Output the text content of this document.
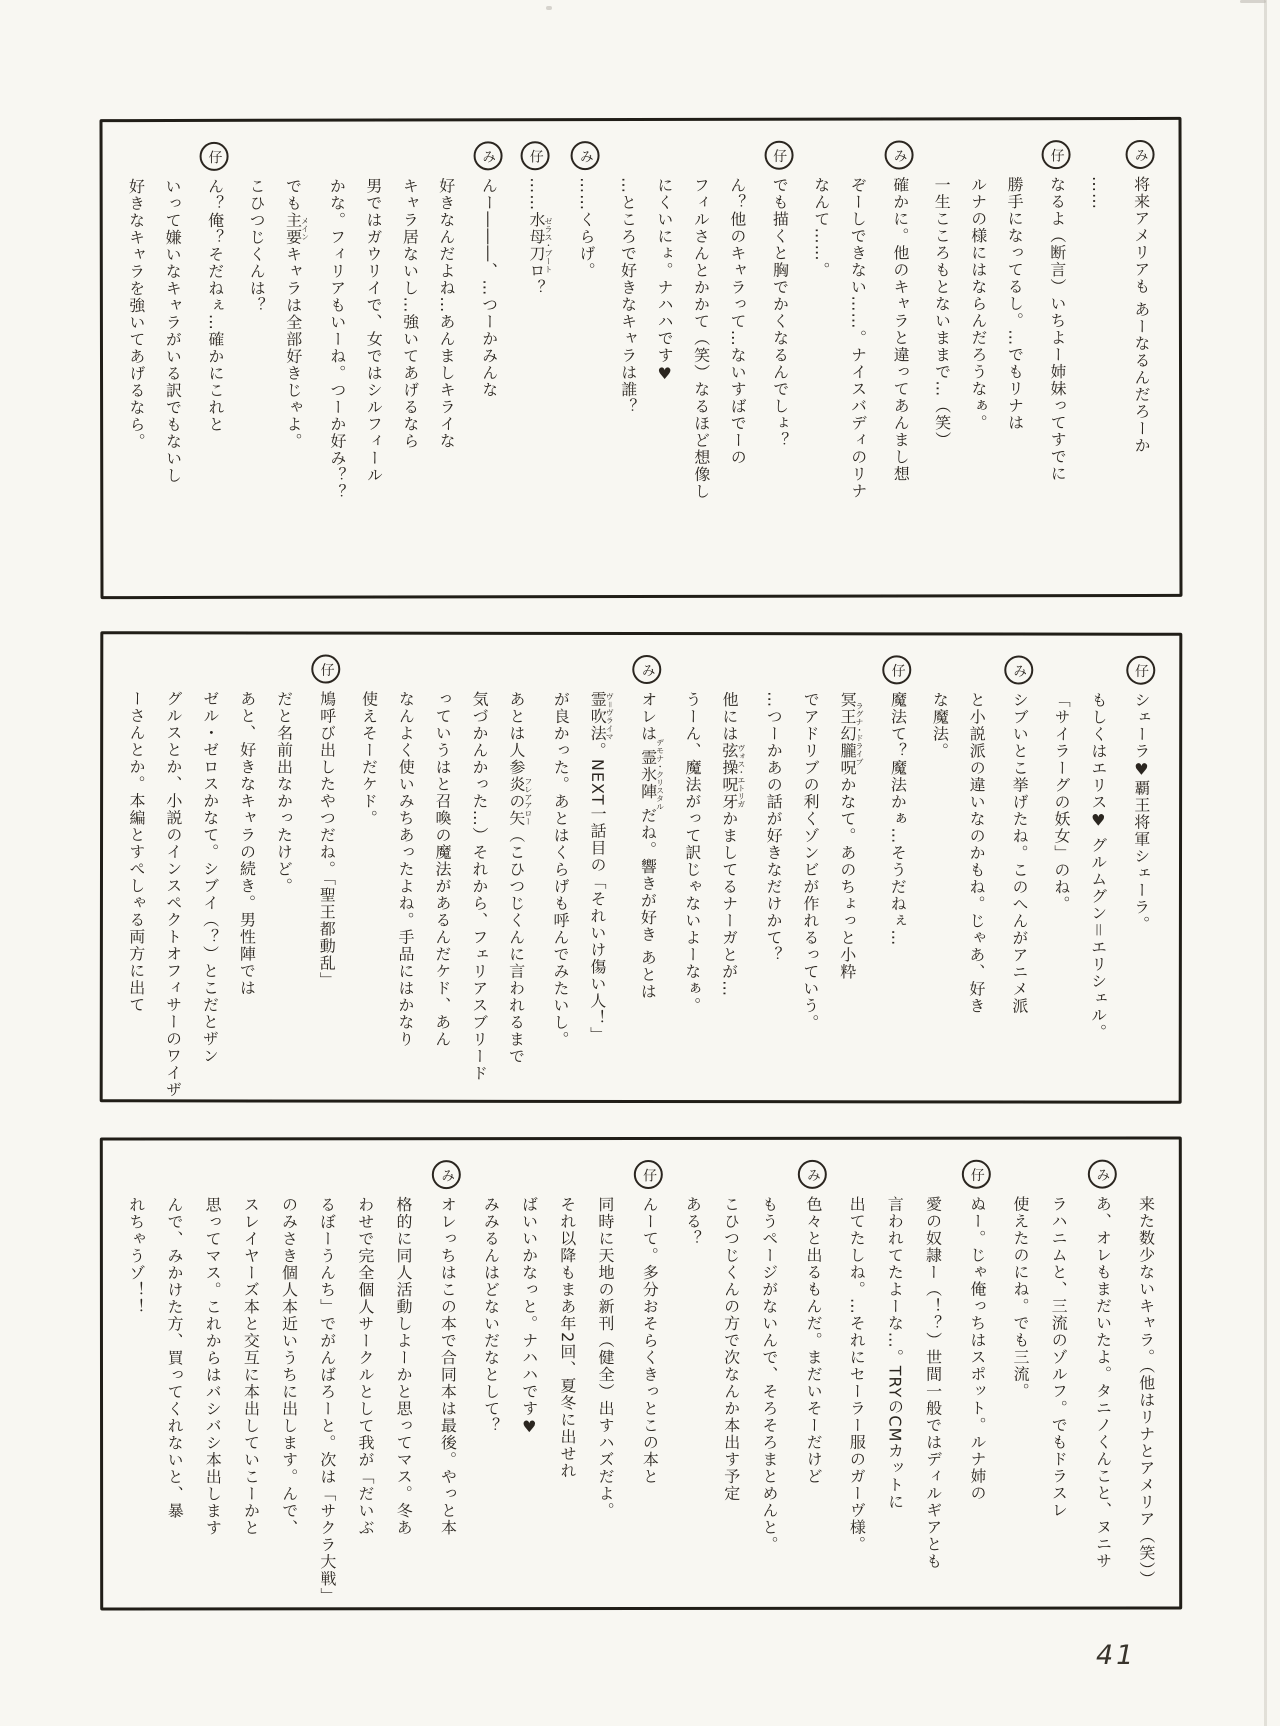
み将来アメリアも あーなるんだろーか
……
仔なるよ（断言）いちよー姉妹ってすでに
勝手になってるし。…でもリナは
ルナの様にはならんだろうなぁ。
一生こころもとないままで…（笑）
み確かに。他のキャラと違ってあんまし想
ぞーしできない……。ナイスバディのリナ
なんて……。
仔でも描くと胸でかくなるんでしょ？
ん？他のキャラって…ないすばでーの
フィルさんとかかて（笑）なるほど想像し
にくいにょ。ナハハです♥
…ところで好きなキャラは誰？
み……くらげ。
仔……水母刀ロゼラス・ブート？
みんー―――、…つーかみんな
好きなんだよね…あんましキライな
キャラ居ないし…強いてあげるなら
男ではガウリイで、女ではシルフィール
かな。フィリアもいーね。つーか好み？？
でも主要メインキャラは全部好きじゃよ。
こひつじくんは？
仔ん？俺？そだねぇ…確かにこれと
いって嫌いなキャラがいる訳でもないし
好きなキャラを強いてあげるなら。
仔シェーラ♥覇王将軍シェーラ。
もしくはエリス♥ グルムグン＝エリシェル。
「サイラーグの妖女」のね。
みシブいとこ挙げたね。このへんがアニメ派
と小説派の違いなのかもね。じゃあ、好き
な魔法。
仔魔法て？魔法かぁ…そうだねぇ…
冥王幻朧呪ラグナ・ドライブかなて。あのちょっと小粋
でアドリブの利くゾンビが作れるっていう。
…つーかあの話が好きなだけかて？
他には弦操呪牙ヴォス・エトリガかましてるナーガとが…
うーん、魔法がって訳じゃないよーなぁ。
みオレは霊氷陣デモナ・クリスタルだね。響きが好き あとは
霊吹法ヴ＝ヴライマ。NEXT一話目の「それいけ傷い人！」
が良かった。あとはくらげも呼んでみたいし。
あとは人参炎の矢フレアアロー（こひつじくんに言われるまで
気づかんかった…）それから、フェリアスブリード
っていうはと召喚の魔法があるんだケド、あん
なんよく使いみちあったよね。手品にはかなり
使えそーだケド。
仔鳩呼び出したやつだね。「聖王都動乱」
だと名前出なかったけど。
あと、好きなキャラの続き。男性陣では
ゼル・ゼロスかなて。シブイ（？）とこだとザン
グルスとか、小説のインスペクトオフィサーのワイザ
ーさんとか。本編とすぺしゃる両方に出て
来た数少ないキャラ。（他はリナとアメリア（笑））
みあ、オレもまだいたよ。タニノくんこと、ヌニサ
ラハニムと、三流のゾルフ。でもドラスレ
使えたのにね。でも三流。
仔ぬー。じゃ俺っちはスポット。ルナ姉の
愛の奴隷ー（！？）世間一般ではディルギアとも
言われてたよーな…。TRYのCMカットに
出てたしね。…それにセーラー服のガーヴ様。
み色々と出るもんだ。まだいそーだけど
もうページがないんで、そろそろまとめんと。
こひつじくんの方で次なんか本出す予定
ある？
仔んーて。多分おそらくきっとこの本と
同時に天地の新刊（健全）出すハズだよ。
それ以降もまあ年2回、夏冬に出せれ
ばいいかなっと。ナハハです♥
みみるんはどないだなとして？
みオレっちはこの本で合同本は最後。やっと本
格的に同人活動しよーかと思ってマス。冬あ
わせで完全個人サークルとして我が「だいぶ
るぼーうんち」でがんばろーと。次は「サクラ大戦」
のみさき個人本近いうちに出します。んで、
スレイヤーズ本と交互に本出していこーかと
思ってマス。これからはバシバシ本出します
んで、みかけた方、買ってくれないと、暴
れちゃうゾ！！
41
